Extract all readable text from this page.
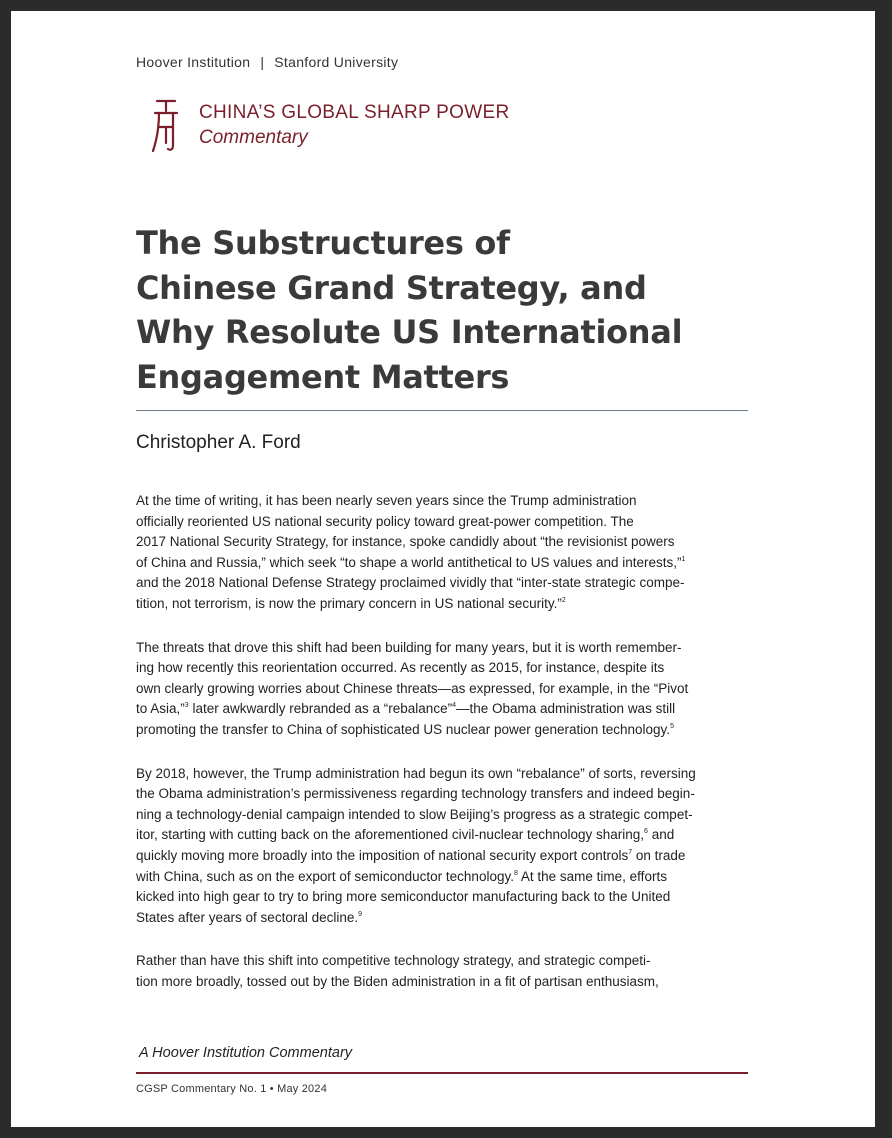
Hoover Institution | Stanford University
CHINA’S GLOBAL SHARP POWER
Commentary
The Substructures of
Chinese Grand Strategy, and
Why Resolute US International
Engagement Matters
Christopher A. Ford
At the time of writing, it has been nearly seven years since the Trump administration
officially reoriented US national security policy toward great-power competition. The
2017 National Security Strategy, for instance, spoke candidly about “the revisionist powers
of China and Russia,” which seek “to shape a world antithetical to US values and interests,”$^1$
and the 2018 National Defense Strategy proclaimed vividly that “inter-state strategic compe-
tition, not terrorism, is now the primary concern in US national security.”$^2$
The threats that drove this shift had been building for many years, but it is worth remember-
ing how recently this reorientation occurred. As recently as 2015, for instance, despite its
own clearly growing worries about Chinese threats—as expressed, for example, in the “Pivot
to Asia,”$^3$ later awkwardly rebranded as a “rebalance”$^4$—the Obama administration was still
promoting the transfer to China of sophisticated US nuclear power generation technology.$^5$
By 2018, however, the Trump administration had begun its own “rebalance” of sorts, reversing
the Obama administration’s permissiveness regarding technology transfers and indeed begin-
ning a technology-denial campaign intended to slow Beijing’s progress as a strategic compet-
itor, starting with cutting back on the aforementioned civil-nuclear technology sharing,$^6$ and
quickly moving more broadly into the imposition of national security export controls$^7$ on trade
with China, such as on the export of semiconductor technology.$^8$ At the same time, efforts
kicked into high gear to try to bring more semiconductor manufacturing back to the United
States after years of sectoral decline.$^9$
Rather than have this shift into competitive technology strategy, and strategic competi-
tion more broadly, tossed out by the Biden administration in a fit of partisan enthusiasm,
A Hoover Institution Commentary
CGSP Commentary No. 1 • May 2024
